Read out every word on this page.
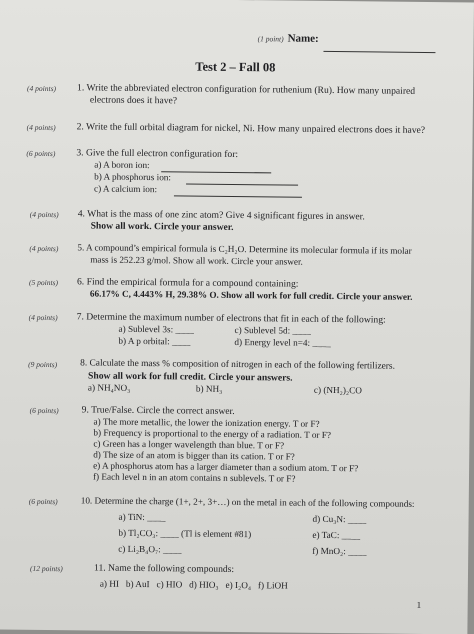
(1 point) Name:
Test 2 – Fall 08
(4 points) 1. Write the abbreviated electron configuration for ruthenium (Ru). How many unpaired
electrons does it have?
(4 points) 2. Write the full orbital diagram for nickel, Ni. How many unpaired electrons does it have?
(6 points) 3. Give the full electron configuration for:
a) A boron ion:
b) A phosphorus ion:
c) A calcium ion:
(4 points) 4. What is the mass of one zinc atom? Give 4 significant figures in answer.
Show all work. Circle your answer.
(4 points) 5. A compound’s empirical formula is C₂H₂O. Determine its molecular formula if its molar
mass is 252.23 g/mol. Show all work. Circle your answer.
(5 points) 6. Find the empirical formula for a compound containing:
66.17% C, 4.443% H, 29.38% O. Show all work for full credit. Circle your answer.
(4 points) 7. Determine the maximum number of electrons that fit in each of the following:
a) Sublevel 3s: ____	c) Sublevel 5d: ____
b) A p orbital: ____	d) Energy level n=4: ____
(9 points) 8. Calculate the mass % composition of nitrogen in each of the following fertilizers.
Show all work for full credit. Circle your answers.
a) NH₄NO₃	b) NH₃	c) (NH₂)₂CO
(6 points) 9. True/False. Circle the correct answer.
a) The more metallic, the lower the ionization energy. T or F?
b) Frequency is proportional to the energy of a radiation. T or F?
c) Green has a longer wavelength than blue. T or F?
d) The size of an atom is bigger than its cation. T or F?
e) A phosphorus atom has a larger diameter than a sodium atom. T or F?
f) Each level n in an atom contains n sublevels. T or F?
(6 points) 10. Determine the charge (1+, 2+, 3+…) on the metal in each of the following compounds:
a) TiN: ____	d) Cu₃N: ____
b) Tl₂CO₃: ____ (Tl is element #81)	e) TaC: ____
c) Li₂B₄O₇: ____	f) MnO₂: ____
(12 points)	11. Name the following compounds:
a) HI   b) AuI   c) HIO   d) HIO₃   e) I₂O₄   f) LiOH
1
